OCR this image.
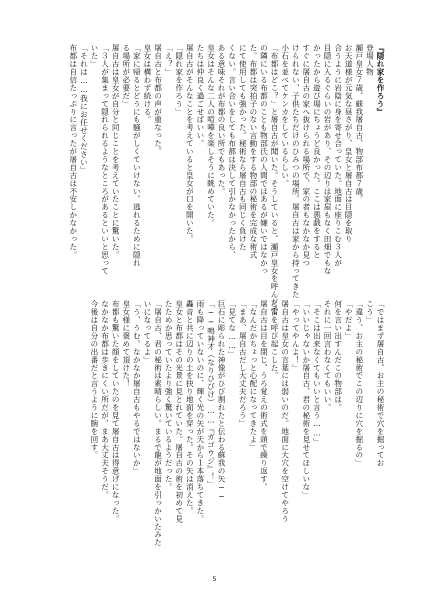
『隠れ家を作ろう』
登場人物
瀬戸皇女７歳、蘇我屠自古、物部布都７歳。
お天道様が元気な昼さがり、皇女と屠自古は目隠を取り
合うように岩陰に身を寄せ合っていた。地面に座りこむ３人が
目隠に入るぐらいの岩があり、その辺りは家屋もなく田畑でもな
かったから遊び場にちょうど良かった。ここは悪戯をすると
すぐに屠自古の家へ抜けられる場所で、家の者もなかなか見つ
けられない、子供たちだけのひみつの場所。屠自古は家から持ってきた
小石を並べてケンカをしているらしい。
「布都はどこ？」と屠自古が聞いた。そうしていると、瀬戸皇女を呼んだで
の隣にいる布都のことも物部氏の人間ではあるが嫌いではなかっ
た。布都は突拍子のない言動をする物部の秘術を完成な術式
にて使用しても強かった。秘術なら屠自古も同じく負けた
くない。言い合いをしても布都は決して引かなかったから、
ある意味それが布都の良い所でもあった。
皇女はそんな二人の喧嘩を楽しそうに眺めていた。
たちは仲良く過ごせばいい。
屠自古がそんなことを考えていると皇女が口を開いた。
「隠れ家を作ろう」
「え？」
屠自古と布都の声が重なった。
皇女は構わず続ける。
「家に帰るとどうにも騒がしくていけない。逃れるために隠れ
る場所が必要だ」
屠自古は皇女が自分と同じことを考えていたことに驚いた。
「３人が集まって隠れられるようなところがあるといいと思って
いた」
「それは……我にお任せください」
布都は自信たっぷりに言ったが屠自古は不安しかなかった。
「ではまず屠自古、お主の秘術で穴を掘ってお
こう」
「違う、お主の秘術でこの辺りに穴を掘るの」
「やだよ」
何を言い出すんだこの物部は。
それに一回言わなくてもいい。
「そこは出来なくてもいいと言う……」
「いいじゃないか屠自古、君の秘術を見せてほしいな」
「やってやんよ！」
屠自古は皇女の言葉には弱いのだ。地面に大穴を空けてやろう
と雷を呼び起こした。
屠自古は目を閉じ、うろ覚えの術式を頭で繰り返す。
「なんだかちょっと心配になってきたよ」
「まあ、屠自古だし大丈夫だろう」
「見てな……」
巨石に彫られた神像がひび割れたと伝わる蘇我の矢──
「──鳴神才（なりひびけ）……『ガゴウジ』！」
雨も降っていないのに、輝く光の矢が天から１本落ちてきた。
轟音と共に辺りの土を抉り地面を穿った。その矢は消えた。
皇女と布都はその光景に見とれていた。屠自古の術を初めて見
たためか思っていたより強く驚いているようだった。
「屠自古、君の秘術は素晴らしい。まるで龍が地面を引っかいたみた
いになってるよ」
「う、うむ。なかなか屠自古もやるではないか」
皇女様に褒めて頂けた！
布都も驚いた顔をしていたのを見て屠自古は得意げになった。
なかなか布都は歩きにくい所だが、まあ大丈夫そうだ。
今後は自分の出番だと言うように腕を回す。
5
